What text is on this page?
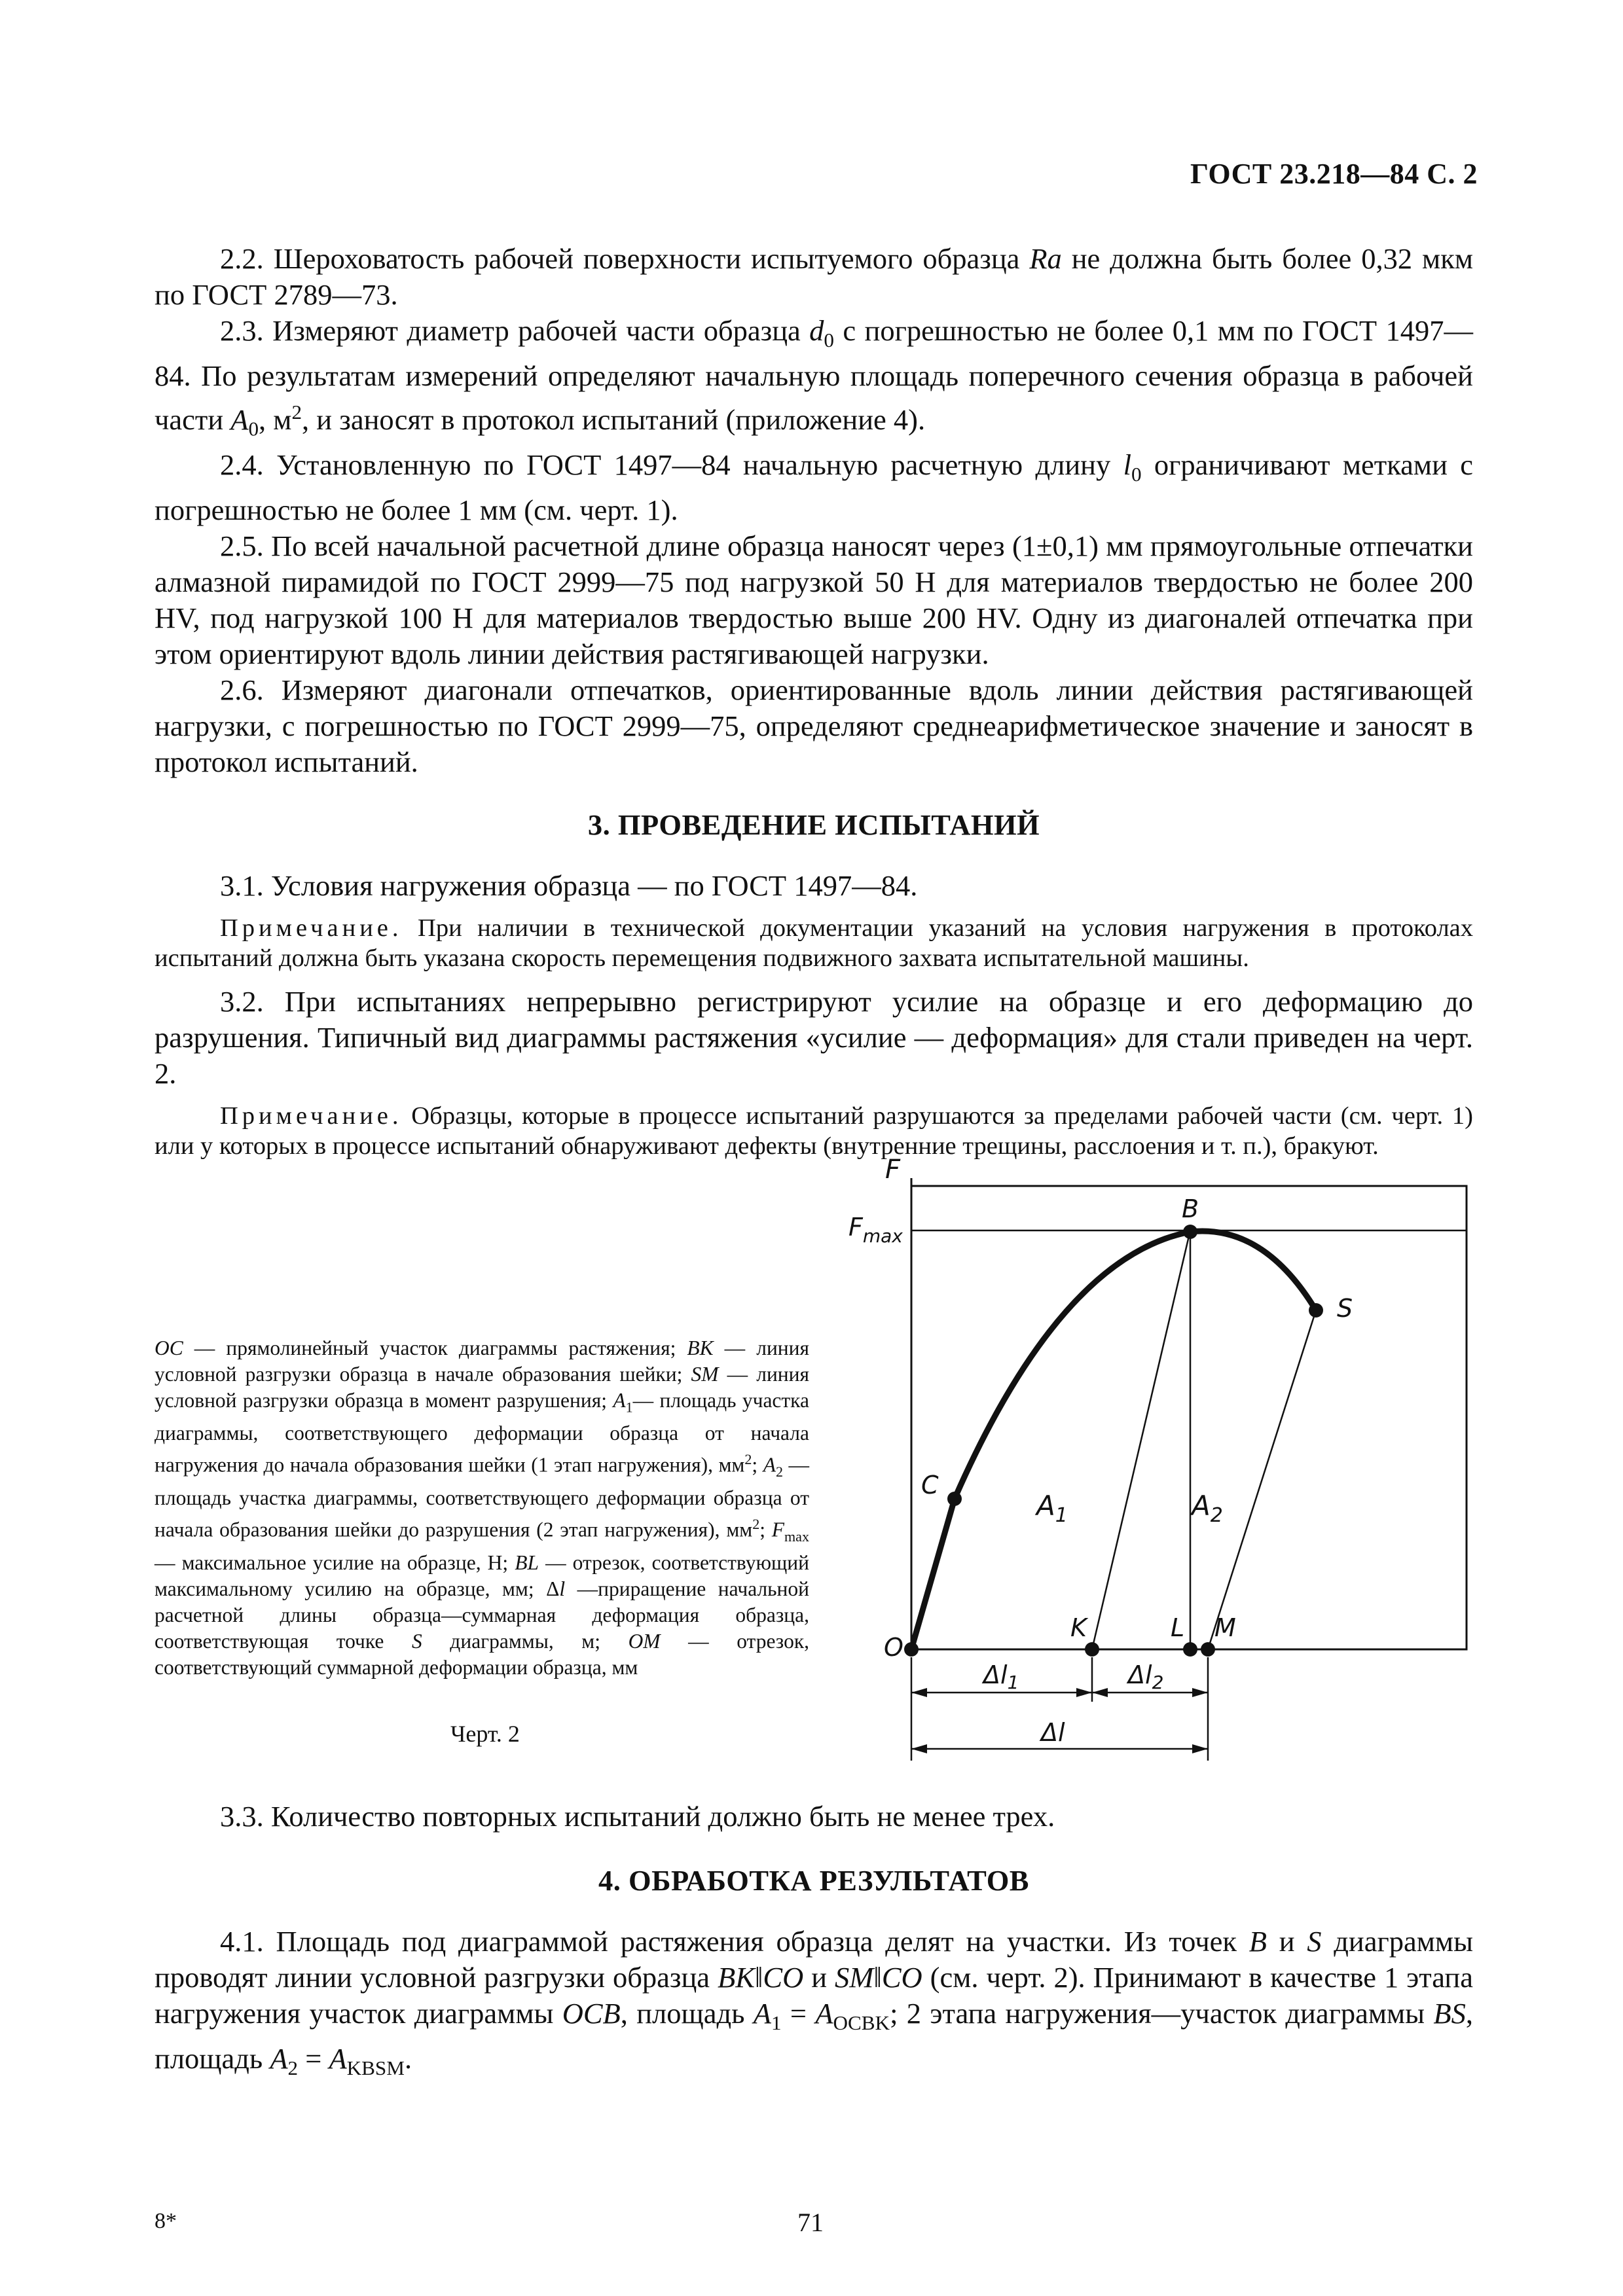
ГОСТ 23.218—84 С. 2

2.2. Шероховатость рабочей поверхности испытуемого образца Ra не должна быть более 0,32 мкм по ГОСТ 2789—73.

2.3. Измеряют диаметр рабочей части образца $d_0$ с погрешностью не более 0,1 мм по ГОСТ 1497—84. По результатам измерений определяют начальную площадь поперечного сечения образца в рабочей части $A_0$, $м^2$, и заносят в протокол испытаний (приложение 4).

2.4. Установленную по ГОСТ 1497—84 начальную расчетную длину $l_0$ ограничивают метками с погрешностью не более 1 мм (см. черт. 1).

2.5. По всей начальной расчетной длине образца наносят через (1±0,1) мм прямоугольные отпечатки алмазной пирамидой по ГОСТ 2999—75 под нагрузкой 50 Н для материалов твердостью не более 200 HV, под нагрузкой 100 Н для материалов твердостью выше 200 HV. Одну из диагоналей отпечатка при этом ориентируют вдоль линии действия растягивающей нагрузки.

2.6. Измеряют диагонали отпечатков, ориентированные вдоль линии действия растягивающей нагрузки, с погрешностью по ГОСТ 2999—75, определяют среднеарифметическое значение и заносят в протокол испытаний.

3. ПРОВЕДЕНИЕ ИСПЫТАНИЙ

3.1. Условия нагружения образца — по ГОСТ 1497—84.

Примечание. При наличии в технической документации указаний на условия нагружения в протоколах испытаний должна быть указана скорость перемещения подвижного захвата испытательной машины.

3.2. При испытаниях непрерывно регистрируют усилие на образце и его деформацию до разрушения. Типичный вид диаграммы растяжения «усилие — деформация» для стали приведен на черт. 2.

Примечание. Образцы, которые в процессе испытаний разрушаются за пределами рабочей части (см. черт. 1) или у которых в процессе испытаний обнаруживают дефекты (внутренние трещины, расслоения и т. п.), бракуют.

OC — прямолинейный участок диаграммы растяжения; BK — линия условной разгрузки образца в начале образования шейки; SM — линия условной разгрузки образца в момент разрушения; $A_1—$ площадь участка диаграммы, соответствующего деформации образца от начала нагружения до начала образования шейки (1 этап нагружения), $мм^2$; $A_2$ — площадь участка диаграммы, соответствующего деформации образца от начала образования шейки до разрушения (2 этап нагружения), $мм^2$; $F_{max}$ — максимальное усилие на образце, Н; BL — отрезок, соответствующий максимальному усилию на образце, мм; Δl —приращение начальной расчетной длины образца—суммарная деформация образца, соответствующая точке S диаграммы, м; OM — отрезок, соответствующий суммарной деформации образца, мм
Черт. 2
F
$F_{max}$
B
S
C
$A_1$	$A_2$
O
K	L M
$\Delta l_1$	$\Delta l_2$
Δl

3.3. Количество повторных испытаний должно быть не менее трех.

4. ОБРАБОТКА РЕЗУЛЬТАТОВ

4.1. Площадь под диаграммой растяжения образца делят на участки. Из точек B и S диаграммы проводят линии условной разгрузки образца BK‖CO и SM‖CO (см. черт. 2). Принимают в качестве 1 этапа нагружения участок диаграммы OCB, площадь $A_1 = A_{OCBK}$; 2 этапа нагружения—участок диаграммы BS, площадь $A_2 = A_{KBSM}$.

8*	71
